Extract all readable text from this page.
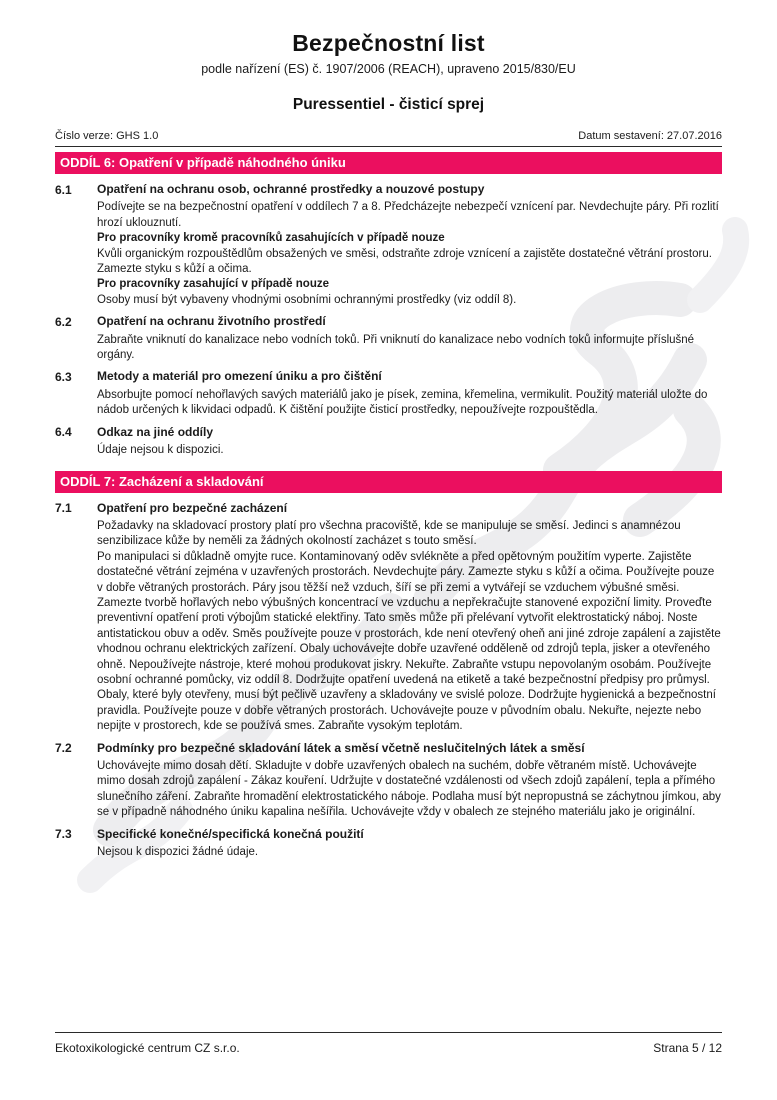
Bezpečnostní list
podle nařízení (ES) č. 1907/2006 (REACH), upraveno 2015/830/EU
Puressentiel - čisticí sprej
Číslo verze: GHS 1.0	Datum sestavení: 27.07.2016
ODDÍL 6: Opatření v případě náhodného úniku
6.1	Opatření na ochranu osob, ochranné prostředky a nouzové postupy
Podívejte se na bezpečnostní opatření v oddílech 7 a 8. Předcházejte nebezpečí vznícení par. Nevdechujte páry. Při rozlití hrozí uklouznutí.
Pro pracovníky kromě pracovníků zasahujících v případě nouze
Kvůli organickým rozpouštědlům obsažených ve směsi, odstraňte zdroje vznícení a zajistěte dostatečné větrání prostoru. Zamezte styku s kůží a očima.
Pro pracovníky zasahující v případě nouze
Osoby musí být vybaveny vhodnými osobními ochrannými prostředky (viz oddíl 8).
6.2	Opatření na ochranu životního prostředí
Zabraňte vniknutí do kanalizace nebo vodních toků. Při vniknutí do kanalizace nebo vodních toků informujte příslušné orgány.
6.3	Metody a materiál pro omezení úniku a pro čištění
Absorbujte pomocí nehořlavých savých materiálů jako je písek, zemina, křemelina, vermikulit. Použitý materiál uložte do nádob určených k likvidaci odpadů. K čištění použijte čisticí prostředky, nepoužívejte rozpouštědla.
6.4	Odkaz na jiné oddíly
Údaje nejsou k dispozici.
ODDÍL 7: Zacházení a skladování
7.1	Opatření pro bezpečné zacházení
Požadavky na skladovací prostory platí pro všechna pracoviště, kde se manipuluje se směsí. Jedinci s anamnézou senzibilizace kůže by neměli za žádných okolností zacházet s touto směsí.
Po manipulaci si důkladně omyjte ruce. Kontaminovaný oděv svlékněte a před opětovným použitím vyperte. Zajistěte dostatečné větrání zejména v uzavřených prostorách. Nevdechujte páry. Zamezte styku s kůží a očima. Používejte pouze v dobře větraných prostorách. Páry jsou těžší než vzduch, šíří se při zemi a vytvářejí se vzduchem výbušné směsi. Zamezte tvorbě hořlavých nebo výbušných koncentrací ve vzduchu a nepřekračujte stanovené expoziční limity. Proveďte preventivní opatření proti výbojům statické elektřiny. Tato směs může při přelévaní vytvořit elektrostatický náboj. Noste antistatickou obuv a oděv. Směs používejte pouze v prostorách, kde není otevřený oheň ani jiné zdroje zapálení a zajistěte vhodnou ochranu elektrických zařízení. Obaly uchovávejte dobře uzavřené odděleně od zdrojů tepla, jisker a otevřeného ohně. Nepoužívejte nástroje, které mohou produkovat jiskry. Nekuřte. Zabraňte vstupu nepovolaným osobám. Používejte osobní ochranné pomůcky, viz oddíl 8. Dodržujte opatření uvedená na etiketě a také bezpečnostní předpisy pro průmysl. Obaly, které byly otevřeny, musí být pečlivě uzavřeny a skladovány ve svislé poloze. Dodržujte hygienická a bezpečnostní pravidla. Používejte pouze v dobře větraných prostorách. Uchovávejte pouze v původním obalu. Nekuřte, nejezte nebo nepijte v prostorech, kde se používá smes. Zabraňte vysokým teplotám.
7.2	Podmínky pro bezpečné skladování látek a směsí včetně neslučitelných látek a směsí
Uchovávejte mimo dosah dětí. Skladujte v dobře uzavřených obalech na suchém, dobře větraném místě. Uchovávejte mimo dosah zdrojů zapálení - Zákaz kouření. Udržujte v dostatečné vzdálenosti od všech zdojů zapálení, tepla a přímého slunečního záření. Zabraňte hromadění elektrostatického náboje. Podlaha musí být nepropustná se záchytnou jímkou, aby se v případně náhodného úniku kapalina nešířila. Uchovávejte vždy v obalech ze stejného materiálu jako je originální.
7.3	Specifické konečné/specifická konečná použití
Nejsou k dispozici žádné údaje.
Ekotoxikologické centrum CZ s.r.o.	Strana 5 / 12
